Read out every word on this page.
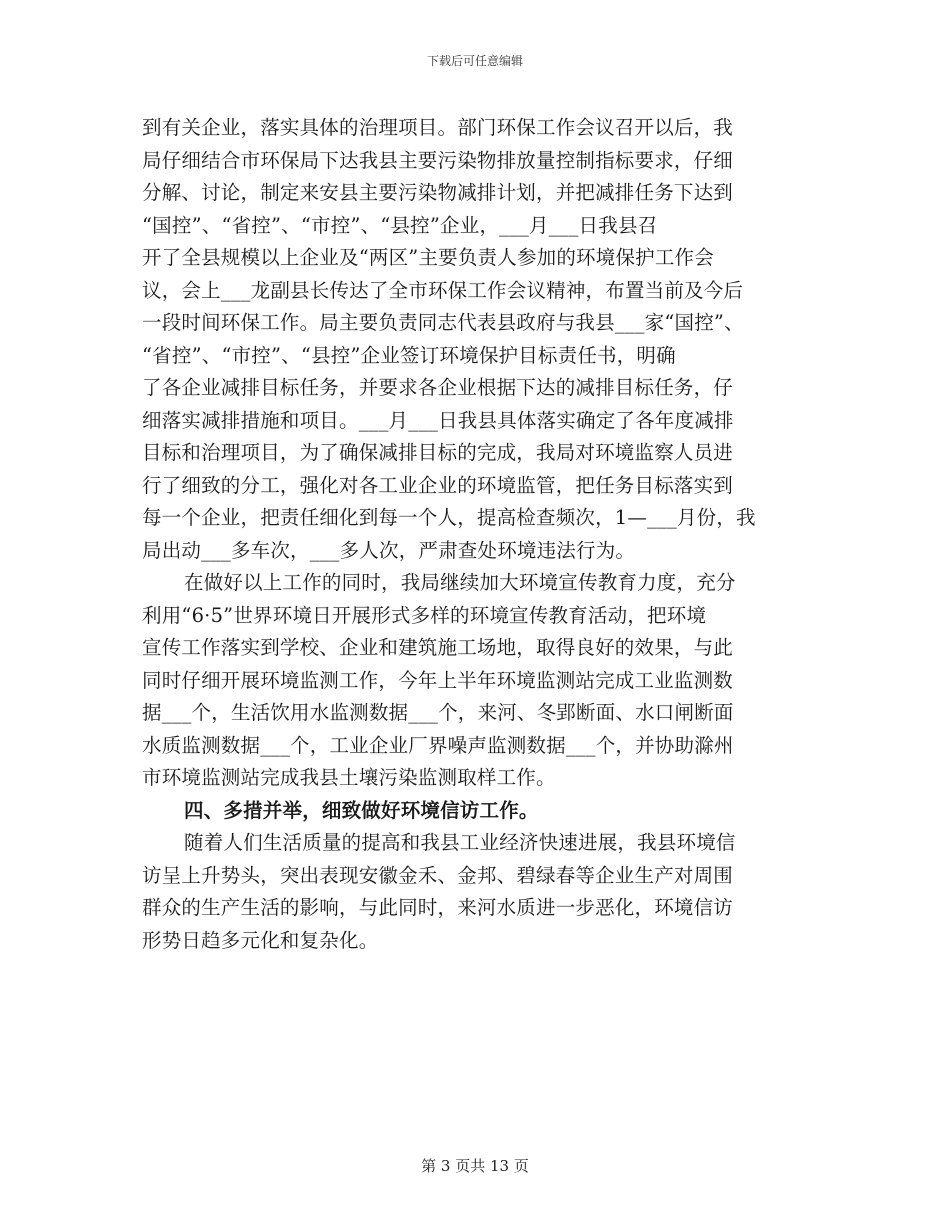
下载后可任意编辑
到有关企业，落实具体的治理项目。部门环保工作会议召开以后，我
局仔细结合市环保局下达我县主要污染物排放量控制指标要求，仔细
分解、讨论，制定来安县主要污染物减排计划，并把减排任务下达到
“国控”、“省控”、“市控”、“县控”企业，___月___日我县召
开了全县规模以上企业及“两区”主要负责人参加的环境保护工作会
议，会上___龙副县长传达了全市环保工作会议精神，布置当前及今后
一段时间环保工作。局主要负责同志代表县政府与我县___家“国控”、
“省控”、“市控”、“县控”企业签订环境保护目标责任书，明确
了各企业减排目标任务，并要求各企业根据下达的减排目标任务，仔
细落实减排措施和项目。___月___日我县具体落实确定了各年度减排
目标和治理项目，为了确保减排目标的完成，我局对环境监察人员进
行了细致的分工，强化对各工业企业的环境监管，把任务目标落实到
每一个企业，把责任细化到每一个人，提高检查频次，1—___月份，我
局出动___多车次，___多人次，严肃查处环境违法行为。
在做好以上工作的同时，我局继续加大环境宣传教育力度，充分
利用“6·5”世界环境日开展形式多样的环境宣传教育活动，把环境
宣传工作落实到学校、企业和建筑施工场地，取得良好的效果，与此
同时仔细开展环境监测工作，今年上半年环境监测站完成工业监测数
据___个，生活饮用水监测数据___个，来河、冬郢断面、水口闸断面
水质监测数据___个，工业企业厂界噪声监测数据___个，并协助滁州
市环境监测站完成我县土壤污染监测取样工作。
四、多措并举，细致做好环境信访工作。
随着人们生活质量的提高和我县工业经济快速进展，我县环境信
访呈上升势头，突出表现安徽金禾、金邦、碧绿春等企业生产对周围
群众的生产生活的影响，与此同时，来河水质进一步恶化，环境信访
形势日趋多元化和复杂化。
第 3 页共 13 页
